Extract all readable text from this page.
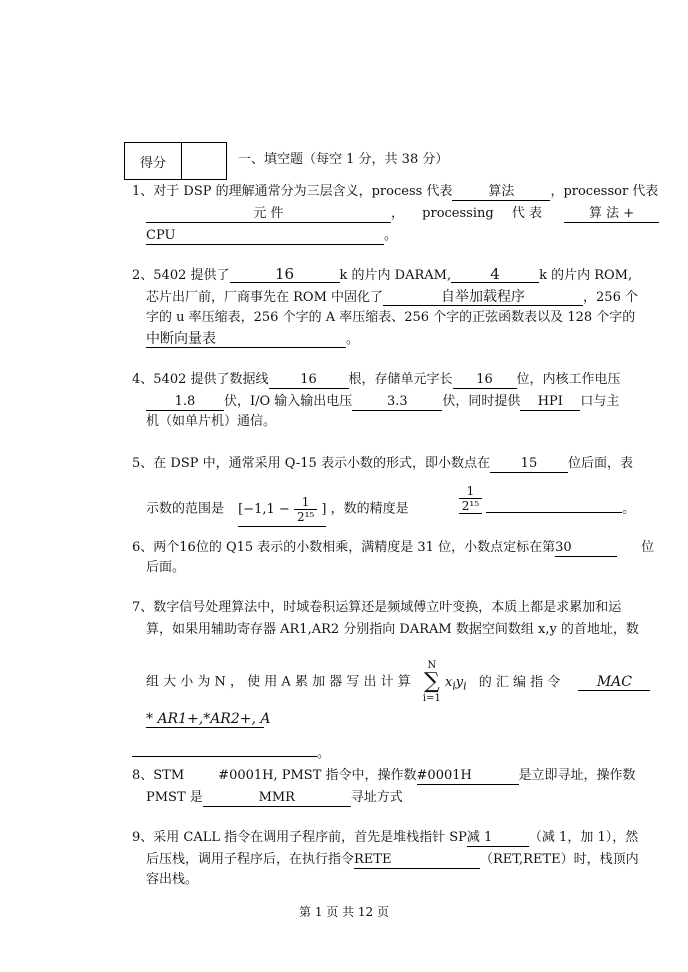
得分		一、填空题（每空 1 分，共 38 分）
1、对于 DSP 的理解通常分为三层含义，process 代表	算法	，processor 代表
元 件	， processing 代 表	算 法 +
CPU	。
2、5402 提供了	16	k 的片内 DARAM,	4	k 的片内 ROM,
芯片出厂前，厂商事先在 ROM 中固化了	自举加载程序	，256 个
字的 u 率压缩表，256 个字的 A 率压缩表、256 个字的正弦函数表以及 128 个字的
中断向量表	。
4、5402 提供了数据线 16 根，存储单元字长 16 位，内核工作电压
1.8 伏，I/O 输入输出电压	3.3	伏，同时提供 HPI 口与主
机（如单片机）通信。
5、在 DSP 中，通常采用 Q-15 表示小数的形式，即小数点在 15 位后面，表
示数的范围是 [$-1,1 - \frac{1}{\text{2¹⁵}}$ ] ，数的精度是	$\frac{1}{\text{2¹⁵}}$	。
6、两个16位的 Q15 表示的小数相乘，满精度是 31 位，小数点定标在第30	位
后面。
7、数字信号处理算法中，时域卷积运算还是频域傅立叶变换，本质上都是求累加和运
算，如果用辅助寄存器 AR1,AR2 分别指向 DARAM 数据空间数组 x,y 的首地址，数
组 大 小 为 N ， 使 用 A 累 加 器 写 出 计 算 N
∑
i=1 $x_iy_i$ 的 汇 编 指 令	MAC
* AR1+,*AR2+, A
。
8、STM	#0001H, PMST 指令中，操作数#0001H	是立即寻址，操作数
PMST 是	MMR	寻址方式
9、采用 CALL 指令在调用子程序前，首先是堆栈指针 SP减 1	（减 1，加 1），然
后压栈，调用子程序后，在执行指令RETE	（RET,RETE）时，栈顶内
容出栈。
第 1 页 共 12 页
